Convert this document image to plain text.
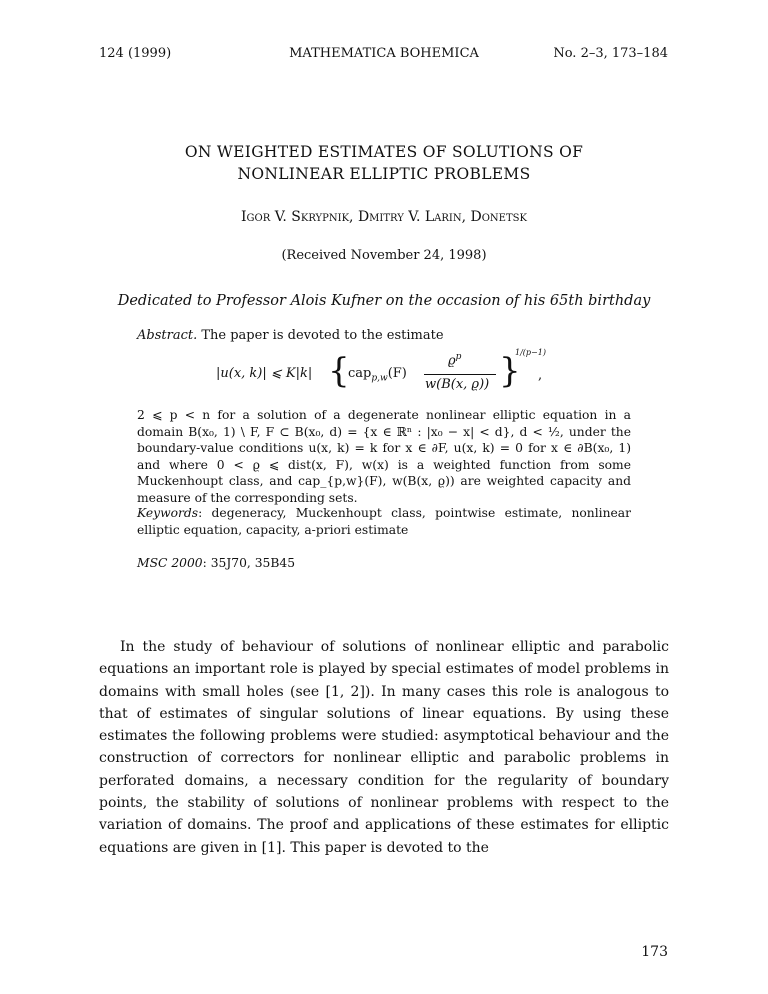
124 (1999)	MATHEMATICA BOHEMICA	No. 2–3, 173–184
ON WEIGHTED ESTIMATES OF SOLUTIONS OF
NONLINEAR ELLIPTIC PROBLEMS
Igor V. Skrypnik, Dmitry V. Larin, Donetsk
(Received November 24, 1998)
Dedicated to Professor Alois Kufner on the occasion of his 65th birthday
Abstract. The paper is devoted to the estimate
|u(x, k)| ⩽ K|k| {
cap$_{p,w}$(F)
$ϱ^p$
w(B(x, ϱ)) }
1/(p−1)
,

2 ⩽ p < n for a solution of a degenerate nonlinear elliptic equation in a domain B(x₀, 1) \ F, F ⊂ B(x₀, d) = {x ∈ ℝⁿ : |x₀ − x| < d}, d < ½, under the boundary-value conditions u(x, k) = k for x ∈ ∂F, u(x, k) = 0 for x ∈ ∂B(x₀, 1) and where 0 < ϱ ⩽ dist(x, F), w(x) is a weighted function from some Muckenhoupt class, and cap_{p,w}(F), w(B(x, ϱ)) are weighted capacity and measure of the corresponding sets.

Keywords: degeneracy, Muckenhoupt class, pointwise estimate, nonlinear elliptic equation, capacity, a-priori estimate
MSC 2000: 35J70, 35B45

In the study of behaviour of solutions of nonlinear elliptic and parabolic equations an important role is played by special estimates of model problems in domains with small holes (see [1, 2]). In many cases this role is analogous to that of estimates of singular solutions of linear equations. By using these estimates the following problems were studied: asymptotical behaviour and the construction of correctors for nonlinear elliptic and parabolic problems in perforated domains, a necessary condition for the regularity of boundary points, the stability of solutions of nonlinear problems with respect to the variation of domains. The proof and applications of these estimates for elliptic equations are given in [1]. This paper is devoted to the

173
